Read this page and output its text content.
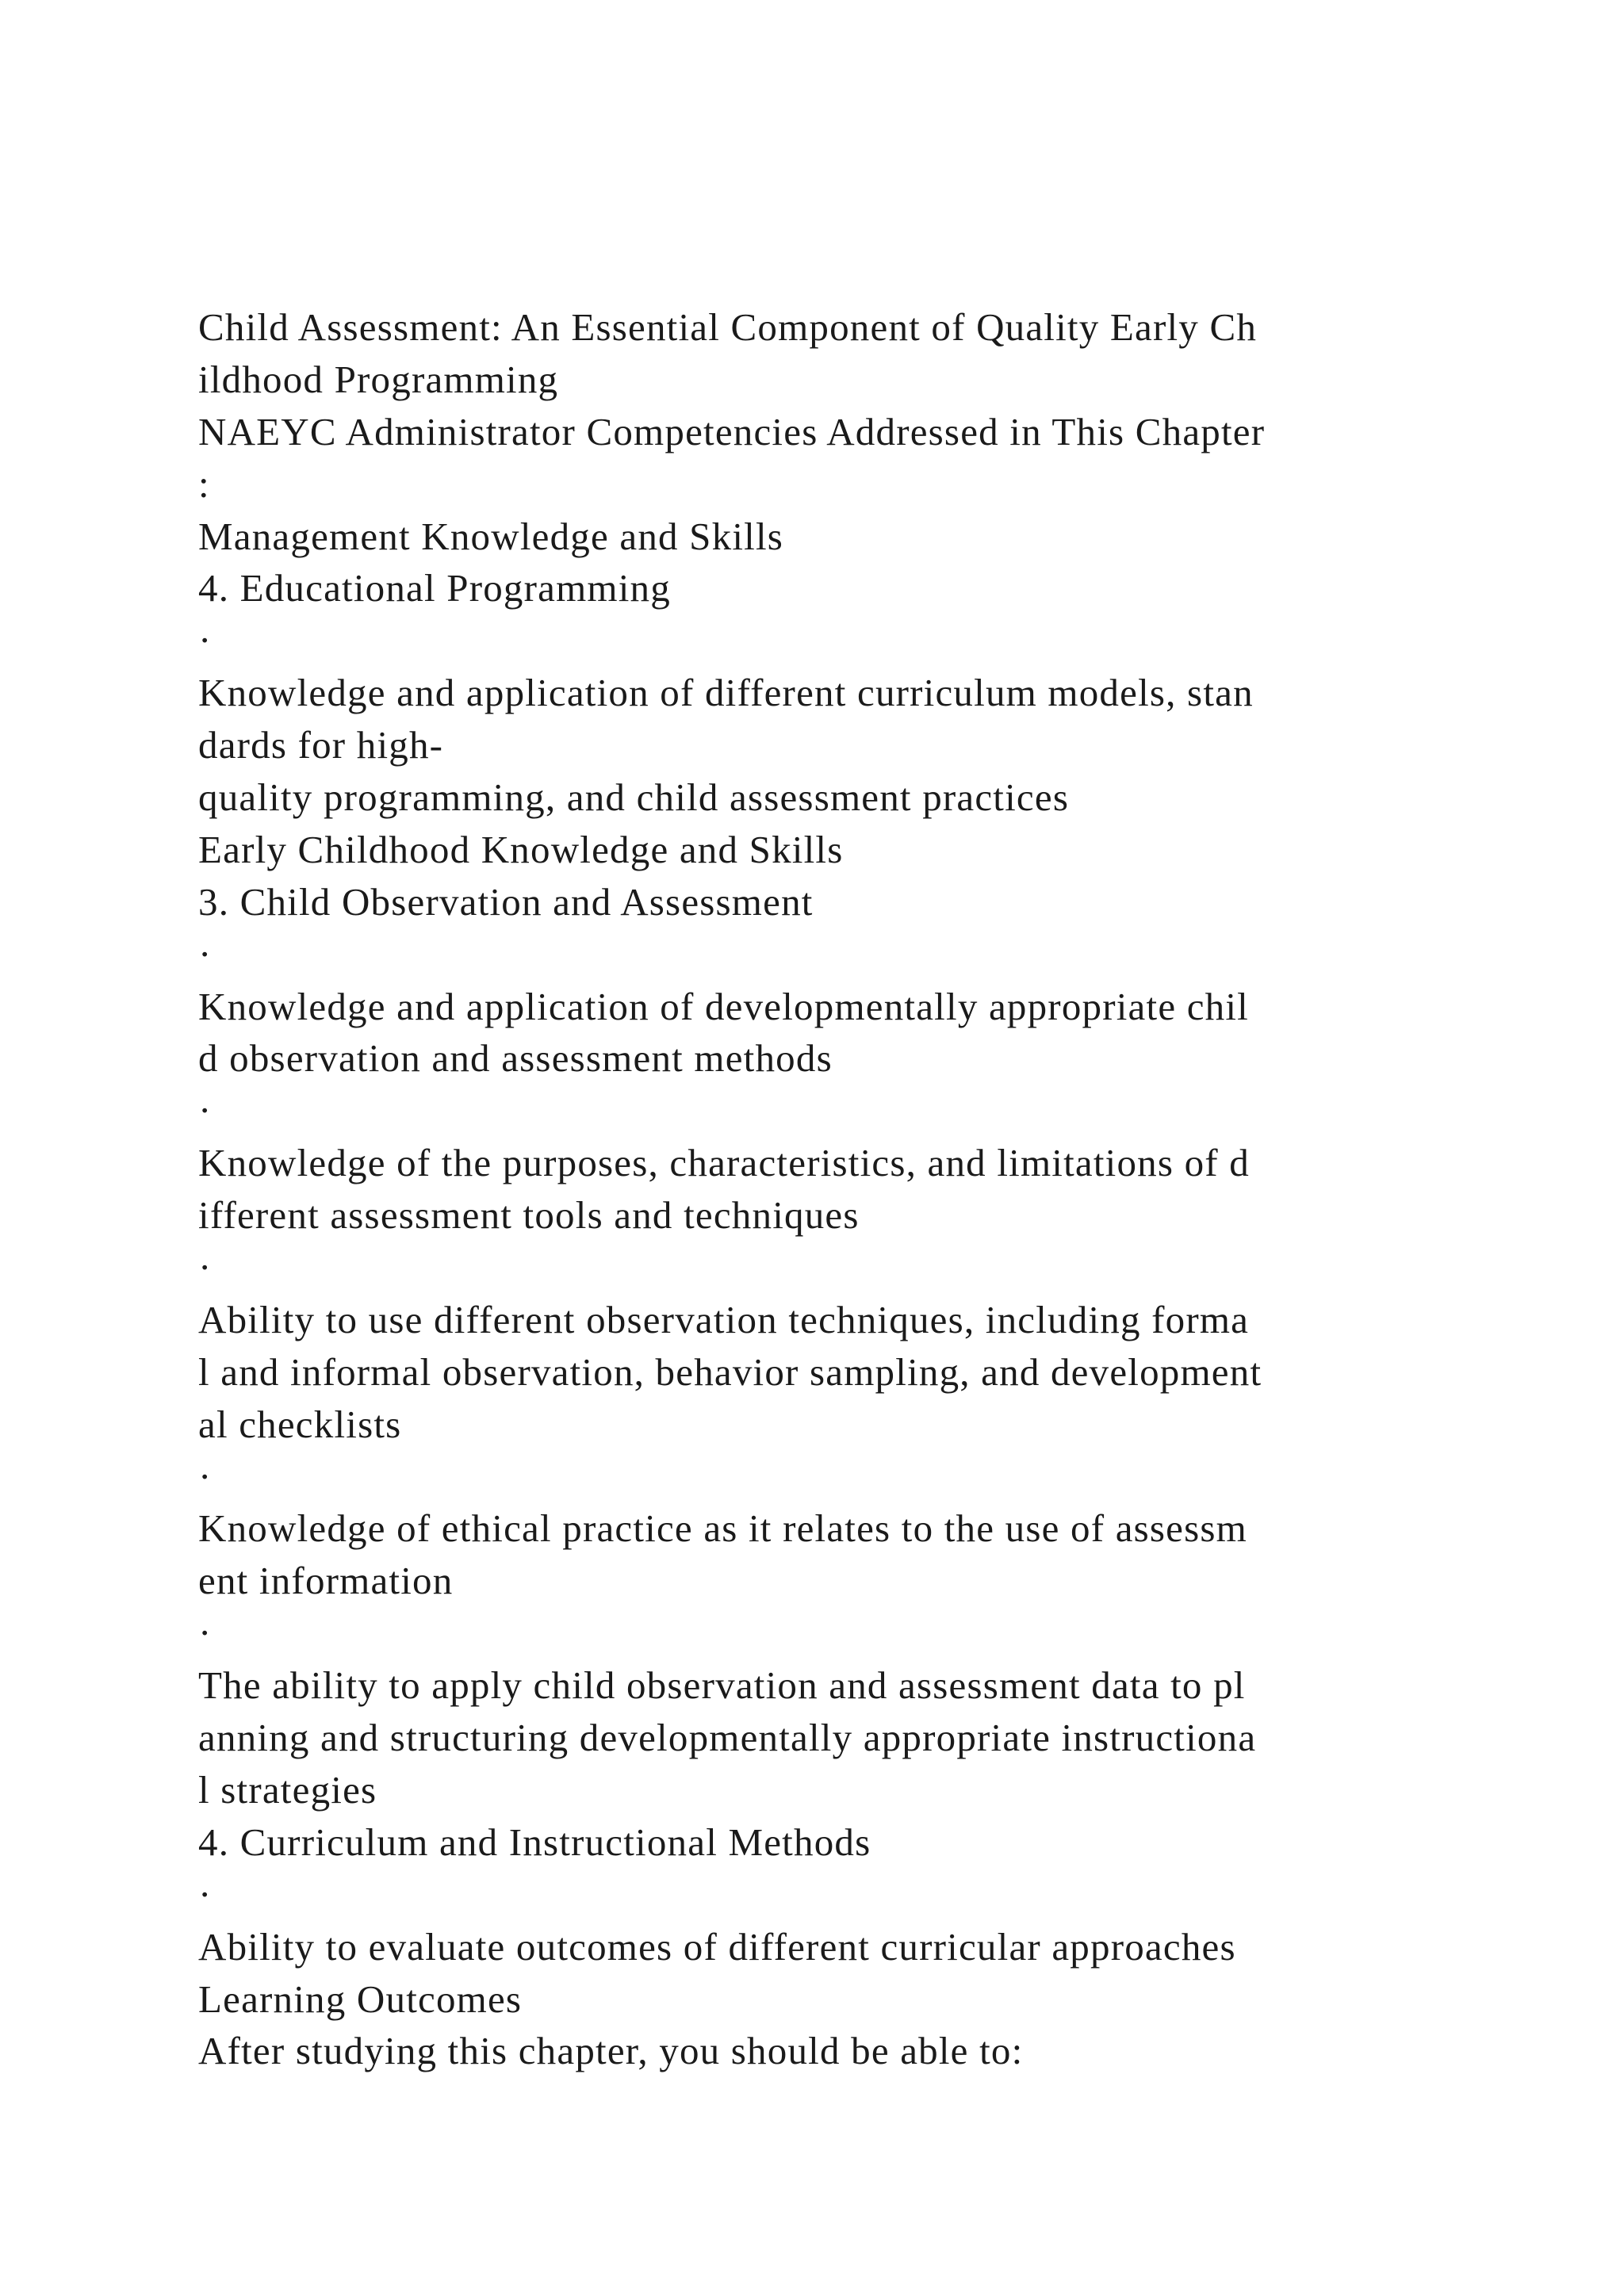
Child Assessment: An Essential Component of Quality Early Ch
ildhood Programming
NAEYC Administrator Competencies Addressed in This Chapter
:
Management Knowledge and Skills
4. Educational Programming
·
Knowledge and application of different curriculum models, stan
dards for high-
quality programming, and child assessment practices
Early Childhood Knowledge and Skills
3. Child Observation and Assessment
·
Knowledge and application of developmentally appropriate chil
d observation and assessment methods
·
Knowledge of the purposes, characteristics, and limitations of d
ifferent assessment tools and techniques
·
Ability to use different observation techniques, including forma
l and informal observation, behavior sampling, and development
al checklists
·
Knowledge of ethical practice as it relates to the use of assessm
ent information
·
The ability to apply child observation and assessment data to pl
anning and structuring developmentally appropriate instructiona
l strategies
4. Curriculum and Instructional Methods
·
Ability to evaluate outcomes of different curricular approaches
Learning Outcomes
After studying this chapter, you should be able to:
